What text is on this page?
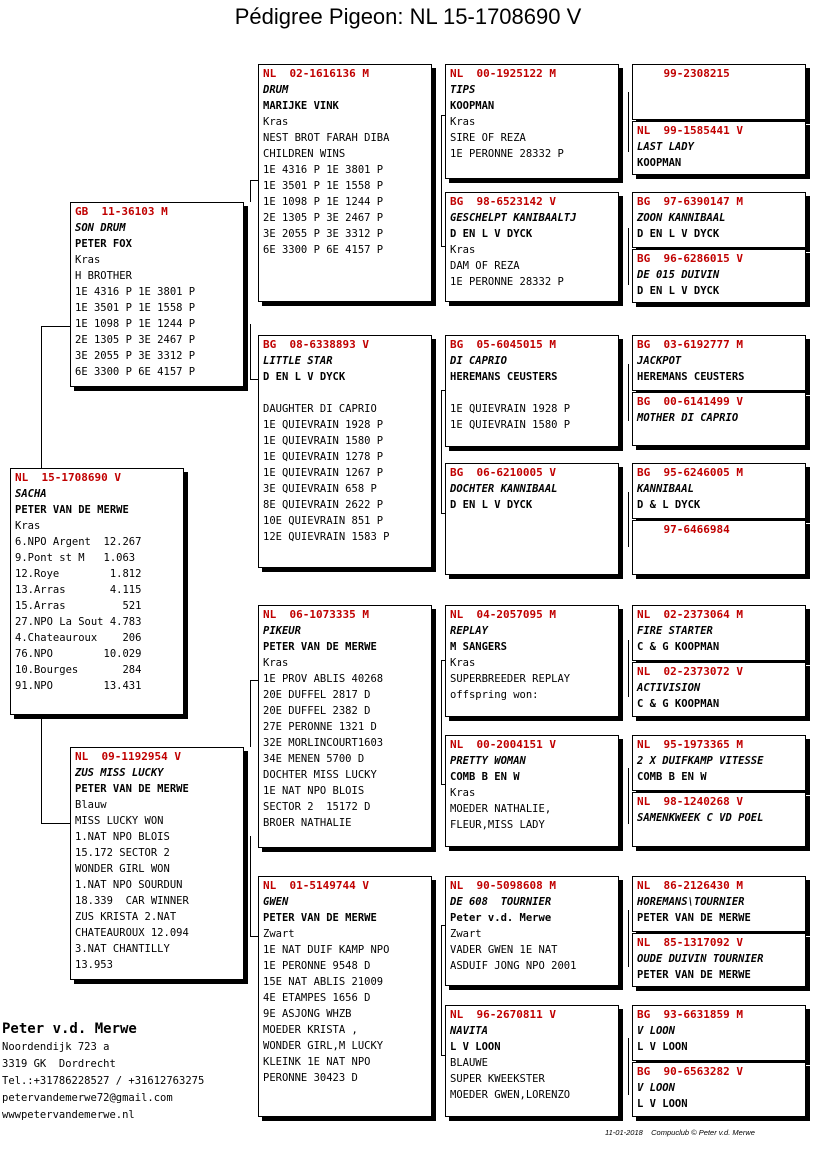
Pédigree Pigeon: NL 15-1708690 V
NL  15-1708690 V
SACHA
PETER VAN DE MERWE
Kras
6.NPO Argent  12.267
9.Pont st M   1.063
12.Roye        1.812
13.Arras       4.115
15.Arras         521
27.NPO La Sout 4.783
4.Chateauroux    206
76.NPO        10.029
10.Bourges       284
91.NPO        13.431
GB  11-36103 M
SON DRUM
PETER FOX
Kras
H BROTHER
1E 4316 P 1E 3801 P
1E 3501 P 1E 1558 P
1E 1098 P 1E 1244 P
2E 1305 P 3E 2467 P
3E 2055 P 3E 3312 P
6E 3300 P 6E 4157 P
NL  09-1192954 V
ZUS MISS LUCKY
PETER VAN DE MERWE
Blauw
MISS LUCKY WON
1.NAT NPO BLOIS
15.172 SECTOR 2
WONDER GIRL WON
1.NAT NPO SOURDUN
18.339  CAR WINNER
ZUS KRISTA 2.NAT
CHATEAUROUX 12.094
3.NAT CHANTILLY
13.953
NL  02-1616136 M
DRUM
MARIJKE VINK
Kras
NEST BROT FARAH DIBA
CHILDREN WINS
1E 4316 P 1E 3801 P
1E 3501 P 1E 1558 P
1E 1098 P 1E 1244 P
2E 1305 P 3E 2467 P
3E 2055 P 3E 3312 P
6E 3300 P 6E 4157 P
BG  08-6338893 V
LITTLE STAR
D EN L V DYCK

DAUGHTER DI CAPRIO
1E QUIEVRAIN 1928 P
1E QUIEVRAIN 1580 P
1E QUIEVRAIN 1278 P
1E QUIEVRAIN 1267 P
3E QUIEVRAIN 658 P
8E QUIEVRAIN 2622 P
10E QUIEVRAIN 851 P
12E QUIEVRAIN 1583 P
NL  06-1073335 M
PIKEUR
PETER VAN DE MERWE
Kras
1E PROV ABLIS 40268
20E DUFFEL 2817 D
20E DUFFEL 2382 D
27E PERONNE 1321 D
32E MORLINCOURT1603
34E MENEN 5700 D
DOCHTER MISS LUCKY
1E NAT NPO BLOIS
SECTOR 2  15172 D
BROER NATHALIE
NL  01-5149744 V
GWEN
PETER VAN DE MERWE
Zwart
1E NAT DUIF KAMP NPO
1E PERONNE 9548 D
15E NAT ABLIS 21009
4E ETAMPES 1656 D
9E ASJONG WHZB
MOEDER KRISTA ,
WONDER GIRL,M LUCKY
KLEINK 1E NAT NPO
PERONNE 30423 D
NL  00-1925122 M
TIPS
KOOPMAN
Kras
SIRE OF REZA
1E PERONNE 28332 P
BG  98-6523142 V
GESCHELPT KANIBAALTJ
D EN L V DYCK
Kras
DAM OF REZA
1E PERONNE 28332 P
BG  05-6045015 M
DI CAPRIO
HEREMANS CEUSTERS

1E QUIEVRAIN 1928 P
1E QUIEVRAIN 1580 P
BG  06-6210005 V
DOCHTER KANNIBAAL
D EN L V DYCK
NL  04-2057095 M
REPLAY
M SANGERS
Kras
SUPERBREEDER REPLAY
offspring won:
NL  00-2004151 V
PRETTY WOMAN
COMB B EN W
Kras
MOEDER NATHALIE,
FLEUR,MISS LADY
NL  90-5098608 M
DE 608  TOURNIER
Peter v.d. Merwe
Zwart
VADER GWEN 1E NAT
ASDUIF JONG NPO 2001
NL  96-2670811 V
NAVITA
L V LOON
BLAUWE
SUPER KWEEKSTER
MOEDER GWEN,LORENZO
99-2308215
NL  99-1585441 V
LAST LADY
KOOPMAN
BG  97-6390147 M
ZOON KANNIBAAL
D EN L V DYCK
BG  96-6286015 V
DE 015 DUIVIN
D EN L V DYCK
BG  03-6192777 M
JACKPOT
HEREMANS CEUSTERS
BG  00-6141499 V
MOTHER DI CAPRIO
BG  95-6246005 M
KANNIBAAL
D & L DYCK
97-6466984
NL  02-2373064 M
FIRE STARTER
C & G KOOPMAN
NL  02-2373072 V
ACTIVISION
C & G KOOPMAN
NL  95-1973365 M
2 X DUIFKAMP VITESSE
COMB B EN W
NL  98-1240268 V
SAMENKWEEK C VD POEL
NL  86-2126430 M
HOREMANS\TOURNIER
PETER VAN DE MERWE
NL  85-1317092 V
OUDE DUIVIN TOURNIER
PETER VAN DE MERWE
BG  93-6631859 M
V LOON
L V LOON
BG  90-6563282 V
V LOON
L V LOON
Peter v.d. Merwe
Noordendijk 723 a
3319 GK  Dordrecht
Tel.:+31786228527 / +31612763275
petervandemerwe72@gmail.com
wwwpetervandemerwe.nl
11-01-2018    Compuclub © Peter v.d. Merwe
